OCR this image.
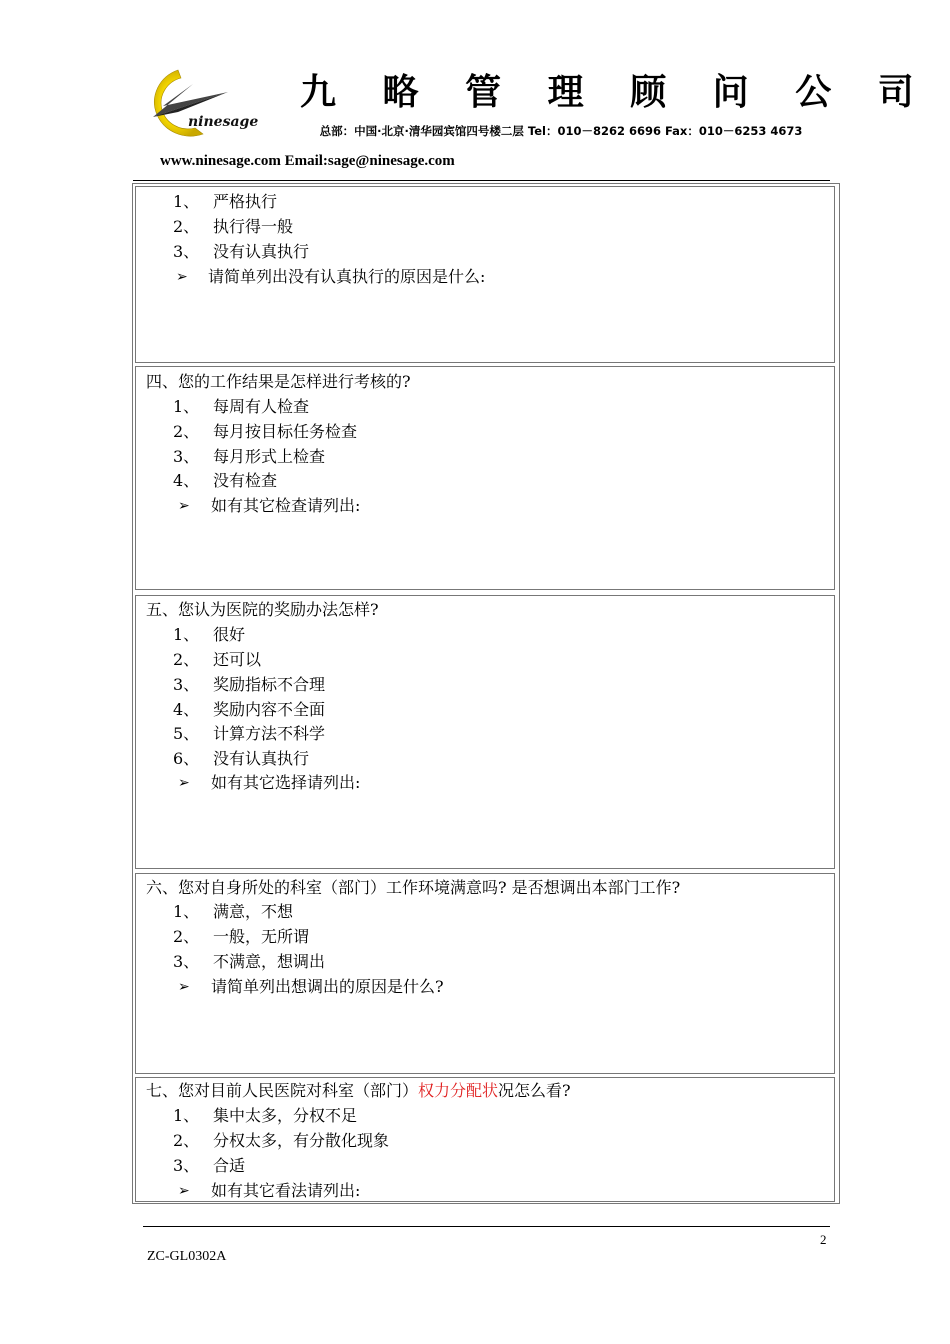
ninesage
九 略 管 理 顾 问 公 司
总部：中国·北京·清华园宾馆四号楼二层 Tel：010－8262 6696 Fax：010－6253 4673
www.ninesage.com Email:sage@ninesage.com
1、 严格执行
2、 执行得一般
3、 没有认真执行
➢ 请简单列出没有认真执行的原因是什么:
四、您的工作结果是怎样进行考核的?
1、 每周有人检查
2、 每月按目标任务检查
3、 每月形式上检查
4、 没有检查
➢ 如有其它检查请列出:
五、您认为医院的奖励办法怎样?
1、 很好
2、 还可以
3、 奖励指标不合理
4、 奖励内容不全面
5、 计算方法不科学
6、 没有认真执行
➢ 如有其它选择请列出:
六、您对自身所处的科室（部门）工作环境满意吗? 是否想调出本部门工作?
1、 满意，不想
2、 一般，无所谓
3、 不满意，想调出
➢ 请简单列出想调出的原因是什么?
七、您对目前人民医院对科室（部门）权力分配状况怎么看?
1、 集中太多，分权不足
2、 分权太多，有分散化现象
3、 合适
➢ 如有其它看法请列出:
2
ZC-GL0302A
